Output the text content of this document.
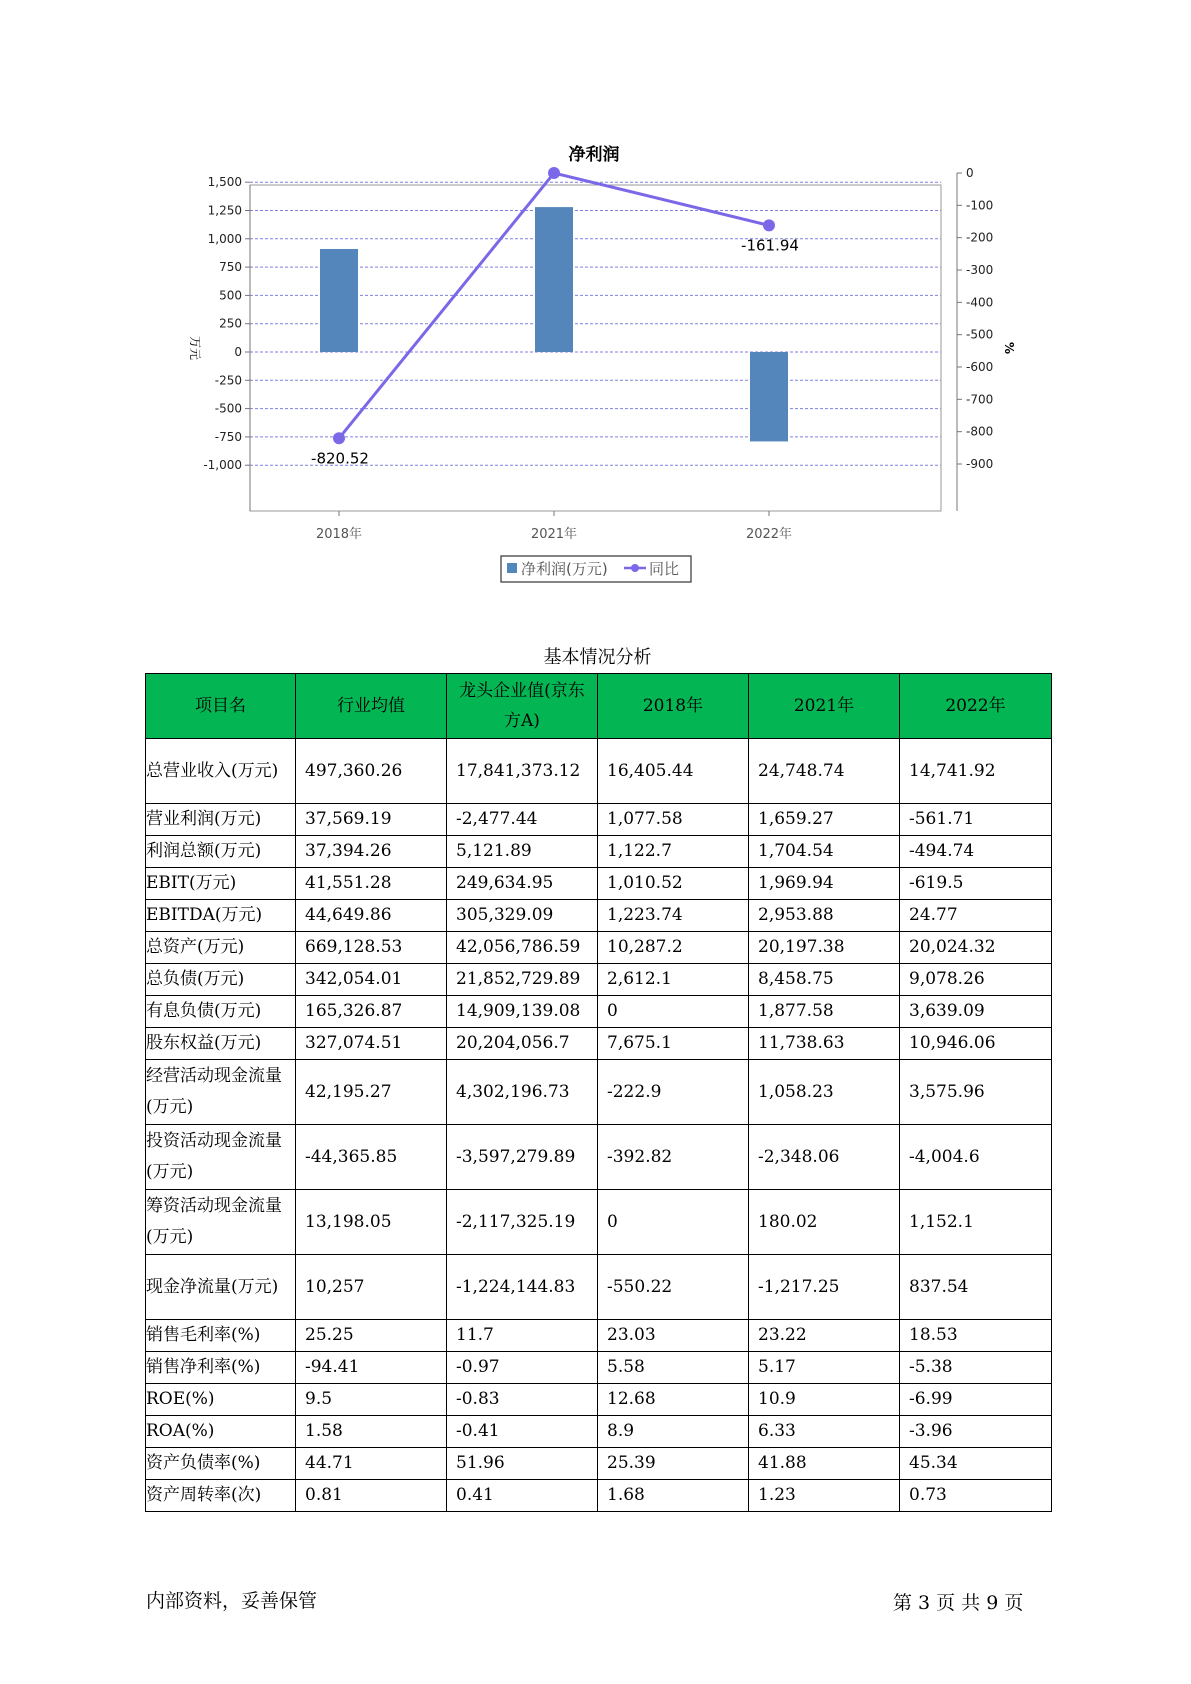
净利润
-820.52
-161.94
1,500
1,250
1,000
750
500
250
0
-250
-500
-750
-1,000
0
-100
-200
-300
-400
-500
-600
-700
-800
-900
2018年	2021年	2022年
万元	%
净利润(万元)	同比
基本情况分析
项目名	行业均值	龙头企业值(京东方A)	2018年	2021年	2022年
总营业收入(万元)	497,360.26	17,841,373.12	16,405.44	24,748.74	14,741.92
营业利润(万元)	37,569.19	-2,477.44	1,077.58	1,659.27	-561.71
利润总额(万元)	37,394.26	5,121.89	1,122.7	1,704.54	-494.74
EBIT(万元)	41,551.28	249,634.95	1,010.52	1,969.94	-619.5
EBITDA(万元)	44,649.86	305,329.09	1,223.74	2,953.88	24.77
总资产(万元)	669,128.53	42,056,786.59	10,287.2	20,197.38	20,024.32
总负债(万元)	342,054.01	21,852,729.89	2,612.1	8,458.75	9,078.26
有息负债(万元)	165,326.87	14,909,139.08	0	1,877.58	3,639.09
股东权益(万元)	327,074.51	20,204,056.7	7,675.1	11,738.63	10,946.06
经营活动现金流量(万元)	42,195.27	4,302,196.73	-222.9	1,058.23	3,575.96
投资活动现金流量(万元)	-44,365.85	-3,597,279.89	-392.82	-2,348.06	-4,004.6
筹资活动现金流量(万元)	13,198.05	-2,117,325.19	0	180.02	1,152.1
现金净流量(万元)	10,257	-1,224,144.83	-550.22	-1,217.25	837.54
销售毛利率(%)	25.25	11.7	23.03	23.22	18.53
销售净利率(%)	-94.41	-0.97	5.58	5.17	-5.38
ROE(%)	9.5	-0.83	12.68	10.9	-6.99
ROA(%)	1.58	-0.41	8.9	6.33	-3.96
资产负债率(%)	44.71	51.96	25.39	41.88	45.34
资产周转率(次)	0.81	0.41	1.68	1.23	0.73
内部资料，妥善保管	第 3 页 共 9 页
